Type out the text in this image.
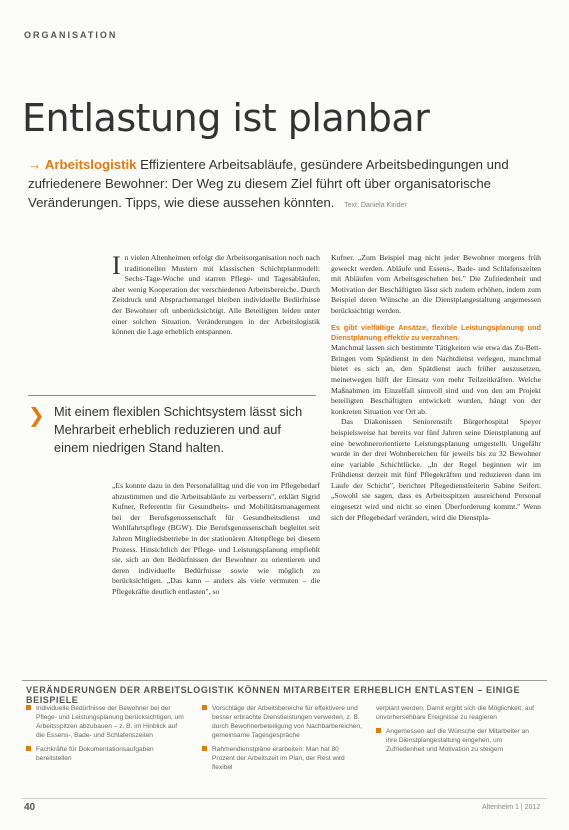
ORGANISATION
Entlastung ist planbar
→ Arbeitslogistik Effizientere Arbeitsabläufe, gesündere Arbeitsbedingungen und zufriedenere Bewohner: Der Weg zu diesem Ziel führt oft über organisatorische Veränderungen. Tipps, wie diese aussehen könnten. Text: Daniela Kinder
I n vielen Altenheimen erfolgt die Arbeitsorganisation noch nach traditionellen Mustern mit klassischen Schichtplanmodell: Sechs-Tage-Woche und starren Pflege- und Tagesabläufen, aber wenig Kooperation der verschiedenen Arbeitsbereiche. Durch Zeitdruck und Absprachemangel bleiben individuelle Bedürfnisse der Bewohner oft unberücksichtigt. Alle Beteiligten leiden unter einer solchen Situation. Veränderungen in der Arbeitslogistik können die Lage erheblich entspannen.

❯ Mit einem flexiblen Schichtsystem lässt sich Mehrarbeit erheblich reduzieren und auf einem niedrigen Stand halten.

„Es konnte dazu in den Personalalltag und die von im Pflegebedarf abzustimmen und die Arbeitsabläufe zu verbessern", erklärt Sigrid Kufner, Referentin für Gesundheits- und Mobilitätsmanagement bei der Berufsgenossenschaft für Gesundheitsdienst und Wohlfahrtspflege (BGW). Die Berufsgenossenschaft begleitet seit Jahren Mitgliedsbetriebe in der stationären Altenpflege bei diesem Prozess. Hinsichtlich der Pflege- und Leistungsplanung empfiehlt sie, sich an den Bedürfnissen der Bewohner zu orientieren und deren individuelle Bedürfnisse sowie wie möglich zu berücksichtigen. „Das kann – anders als viele vermuten – die Pflegekräfte deutlich entlasten", so

Kufner. „Zum Beispiel mag nicht jeder Bewohner morgens früh geweckt werden. Abläufe und Essens-, Bade- und Schlafenszeiten mit Abläufen vom Arbeitsgeschehen bei." Die Zufriedenheit und Motivation der Beschäftigten lässt sich zudem erhöhen, indem zum Beispiel deren Wünsche an die Dienstplangestaltung angemessen berücksichtigt werden.

Es gibt vielfältige Ansätze, flexible Leistungsplanung und Dienstplanung effektiv zu verzahnen.

Manchmal lassen sich bestimmte Tätigkeiten wie etwa das Zu-Bett-Bringen vom Spätdienst in den Nachtdienst verlegen, manchmal bietet es sich an, den Spätdienst auch früher auszusetzen, meinetwegen hilft der Einsatz von mehr Teilzeitkräften. Welche Maßnahmen im Einzelfall sinnvoll sind und von den am Projekt beteiligten Beschäftigten entwickelt wurden, hängt von der konkreten Situation vor Ort ab.

Das Diakonissen Seniorenstift Bürgerhospital Speyer beispielsweise hat bereits vor fünf Jahren seine Dienstplanung auf eine bewohnerorientierte Leistungsplanung umgestellt. Ungefähr wurde in der drei Wohnbereichen für jeweils bis zu 32 Bewohner eine variable Schichtlücke. „In der Regel beginnen wir im Frühdienst derzeit mit fünf Pflegekräften und reduzieren dann im Laufe der Schicht", berichtet Pflegedienstleiterin Sabine Seifert. „Sowohl sie sagen, dass es Arbeitsspitzen ausreichend Personal eingesetzt wird und nicht so einen Überforderung kommt." Wenn sich der Pflegebedarf verändert, wird die Dienstpla-

VERÄNDERUNGEN DER ARBEITSLOGISTIK KÖNNEN MITARBEITER ERHEBLICH ENTLASTEN – EINIGE BEISPIELE
Individuelle Bedürfnisse der Bewohner bei der Pflege- und Leistungsplanung berücksichtigen, um Arbeitsspitzen abzubauen – z. B. im Hinblick auf die Essens-, Bade- und Schlafenszeiten
Fachkräfte für Dokumentationsaufgaben bereitstellen
Vorschläge der Arbeitsbereiche für effektivere und besser erbrachte Dienstleistungen verwerten, z. B. durch Bewohnerbeteiligung von Nachbarbereichen, gemeinsame Tagesgespräche
Rahmendienstpläne erarbeiten: Man hat 80 Prozent der Arbeitszeit im Plan, der Rest wird flexibel
verplant werden. Damit ergibt sich die Möglichkeit, auf unvorhersehbare Ereignisse zu reagieren
Angemessen auf die Wünsche der Mitarbeiter an ihre Dienstplangestaltung eingehen, um Zufriedenheit und Motivation zu steigern
40	Altenheim 1 | 2012
